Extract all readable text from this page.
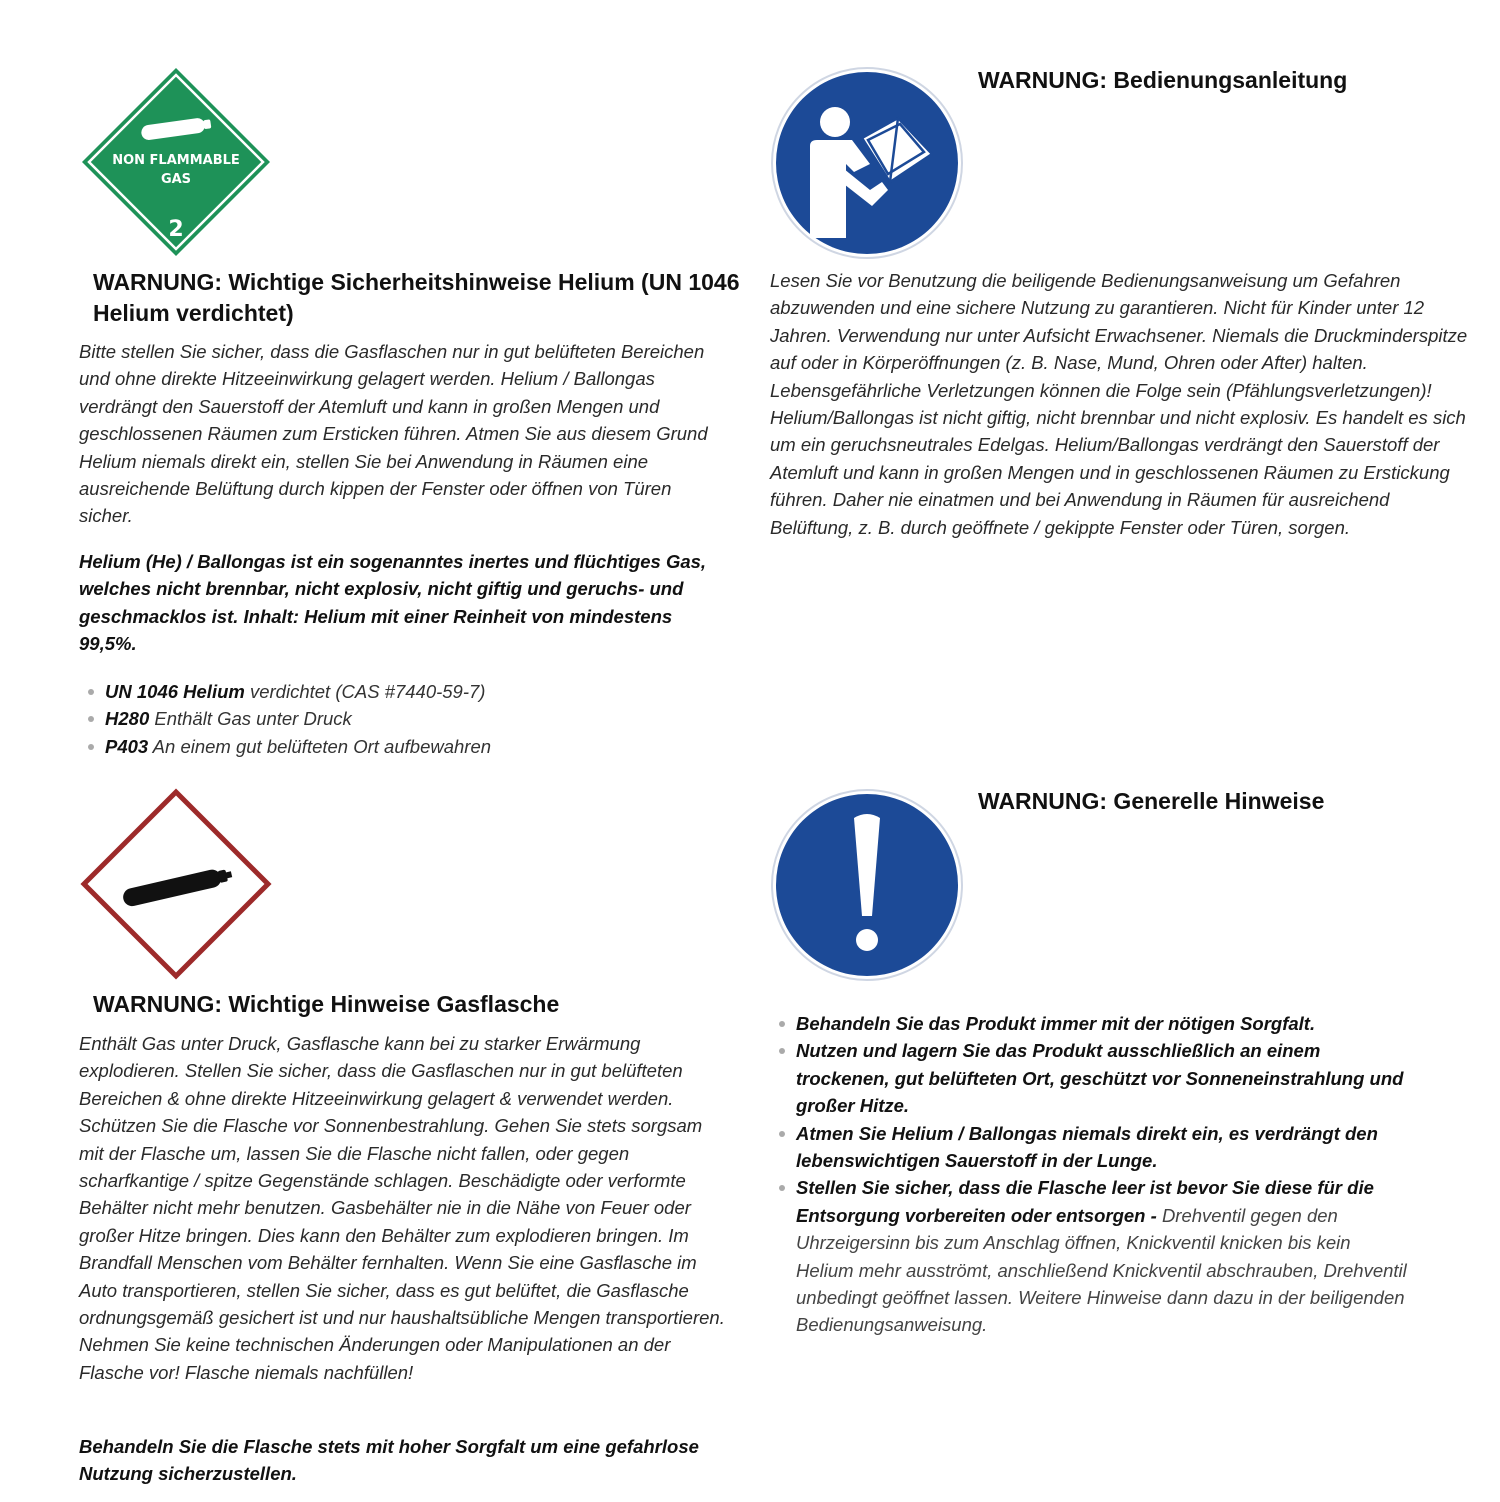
NON FLAMMABLE
GAS
2
WARNUNG: Wichtige Sicherheitshinweise Helium (UN 1046 Helium verdichtet)

Bitte stellen Sie sicher, dass die Gasflaschen nur in gut belüfteten Bereichen und ohne direkte Hitzeeinwirkung gelagert werden. Helium / Ballongas verdrängt den Sauerstoff der Atemluft und kann in großen Mengen und geschlossenen Räumen zum Ersticken führen. Atmen Sie aus diesem Grund Helium niemals direkt ein, stellen Sie bei Anwendung in Räumen eine ausreichende Belüftung durch kippen der Fenster oder öffnen von Türen sicher.

Helium (He) / Ballongas ist ein sogenanntes inertes und flüchtiges Gas, welches nicht brennbar, nicht explosiv, nicht giftig und geruchs- und geschmacklos ist. Inhalt: Helium mit einer Reinheit von mindestens 99,5%.

UN 1046 Helium verdichtet (CAS #7440-59-7)
H280 Enthält Gas unter Druck
P403 An einem gut belüfteten Ort aufbewahren
WARNUNG: Bedienungsanleitung

Lesen Sie vor Benutzung die beiligende Bedienungsanweisung um Gefahren abzuwenden und eine sichere Nutzung zu garantieren. Nicht für Kinder unter 12 Jahren. Verwendung nur unter Aufsicht Erwachsener. Niemals die Druckminderspitze auf oder in Körperöffnungen (z. B. Nase, Mund, Ohren oder After) halten. Lebensgefährliche Verletzungen können die Folge sein (Pfählungsverletzungen)! Helium/Ballongas ist nicht giftig, nicht brennbar und nicht explosiv. Es handelt es sich um ein geruchsneutrales Edelgas. Helium/Ballongas verdrängt den Sauerstoff der Atemluft und kann in großen Mengen und in geschlossenen Räumen zu Erstickung führen. Daher nie einatmen und bei Anwendung in Räumen für ausreichend Belüftung, z. B. durch geöffnete / gekippte Fenster oder Türen, sorgen.

WARNUNG: Wichtige Hinweise Gasflasche

Enthält Gas unter Druck, Gasflasche kann bei zu starker Erwärmung explodieren. Stellen Sie sicher, dass die Gasflaschen nur in gut belüfteten Bereichen & ohne direkte Hitzeeinwirkung gelagert & verwendet werden. Schützen Sie die Flasche vor Sonnenbestrahlung. Gehen Sie stets sorgsam mit der Flasche um, lassen Sie die Flasche nicht fallen, oder gegen scharfkantige / spitze Gegenstände schlagen. Beschädigte oder verformte Behälter nicht mehr benutzen. Gasbehälter nie in die Nähe von Feuer oder großer Hitze bringen. Dies kann den Behälter zum explodieren bringen. Im Brandfall Menschen vom Behälter fernhalten. Wenn Sie eine Gasflasche im Auto transportieren, stellen Sie sicher, dass es gut belüftet, die Gasflasche ordnungsgemäß gesichert ist und nur haushaltsübliche Mengen transportieren. Nehmen Sie keine technischen Änderungen oder Manipulationen an der Flasche vor! Flasche niemals nachfüllen!

Behandeln Sie die Flasche stets mit hoher Sorgfalt um eine gefahrlose Nutzung sicherzustellen.

WARNUNG: Generelle Hinweise
Behandeln Sie das Produkt immer mit der nötigen Sorgfalt.
Nutzen und lagern Sie das Produkt ausschließlich an einem trockenen, gut belüfteten Ort, geschützt vor Sonneneinstrahlung und großer Hitze.
Atmen Sie Helium / Ballongas niemals direkt ein, es verdrängt den lebenswichtigen Sauerstoff in der Lunge.
Stellen Sie sicher, dass die Flasche leer ist bevor Sie diese für die Entsorgung vorbereiten oder entsorgen - Drehventil gegen den Uhrzeigersinn bis zum Anschlag öffnen, Knickventil knicken bis kein Helium mehr ausströmt, anschließend Knickventil abschrauben, Drehventil unbedingt geöffnet lassen. Weitere Hinweise dann dazu in der beiligenden Bedienungsanweisung.
